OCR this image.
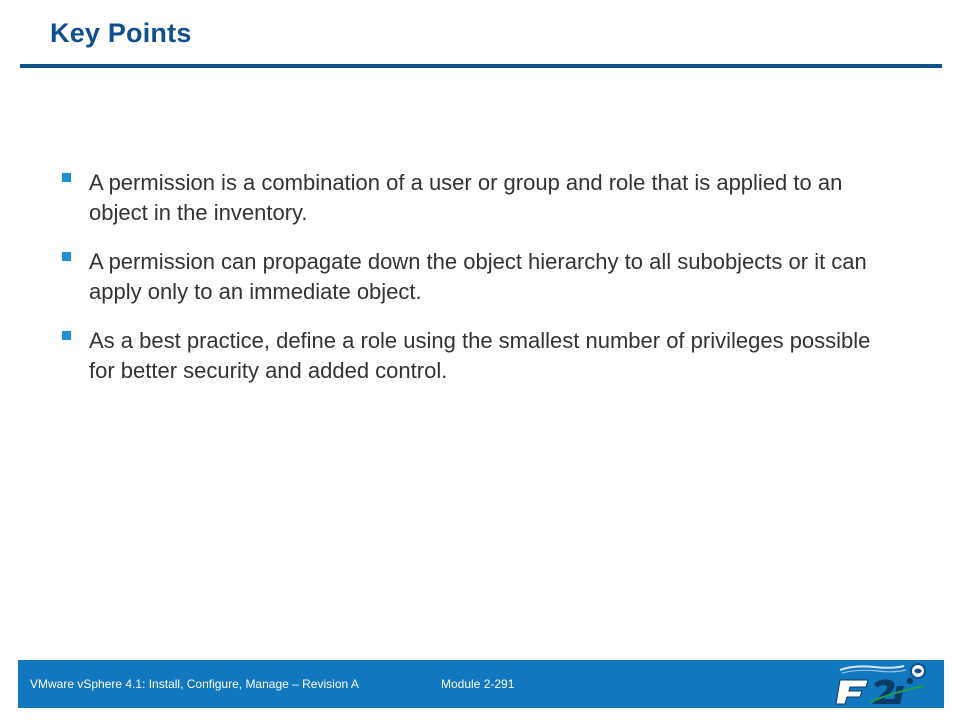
Key Points
A permission is a combination of a user or group and role that is applied to an object in the inventory.
A permission can propagate down the object hierarchy to all subobjects or it can apply only to an immediate object.
As a best practice, define a role using the smallest number of privileges possible for better security and added control.
VMware vSphere 4.1: Install, Configure, Manage – Revision A	Module 2-291
